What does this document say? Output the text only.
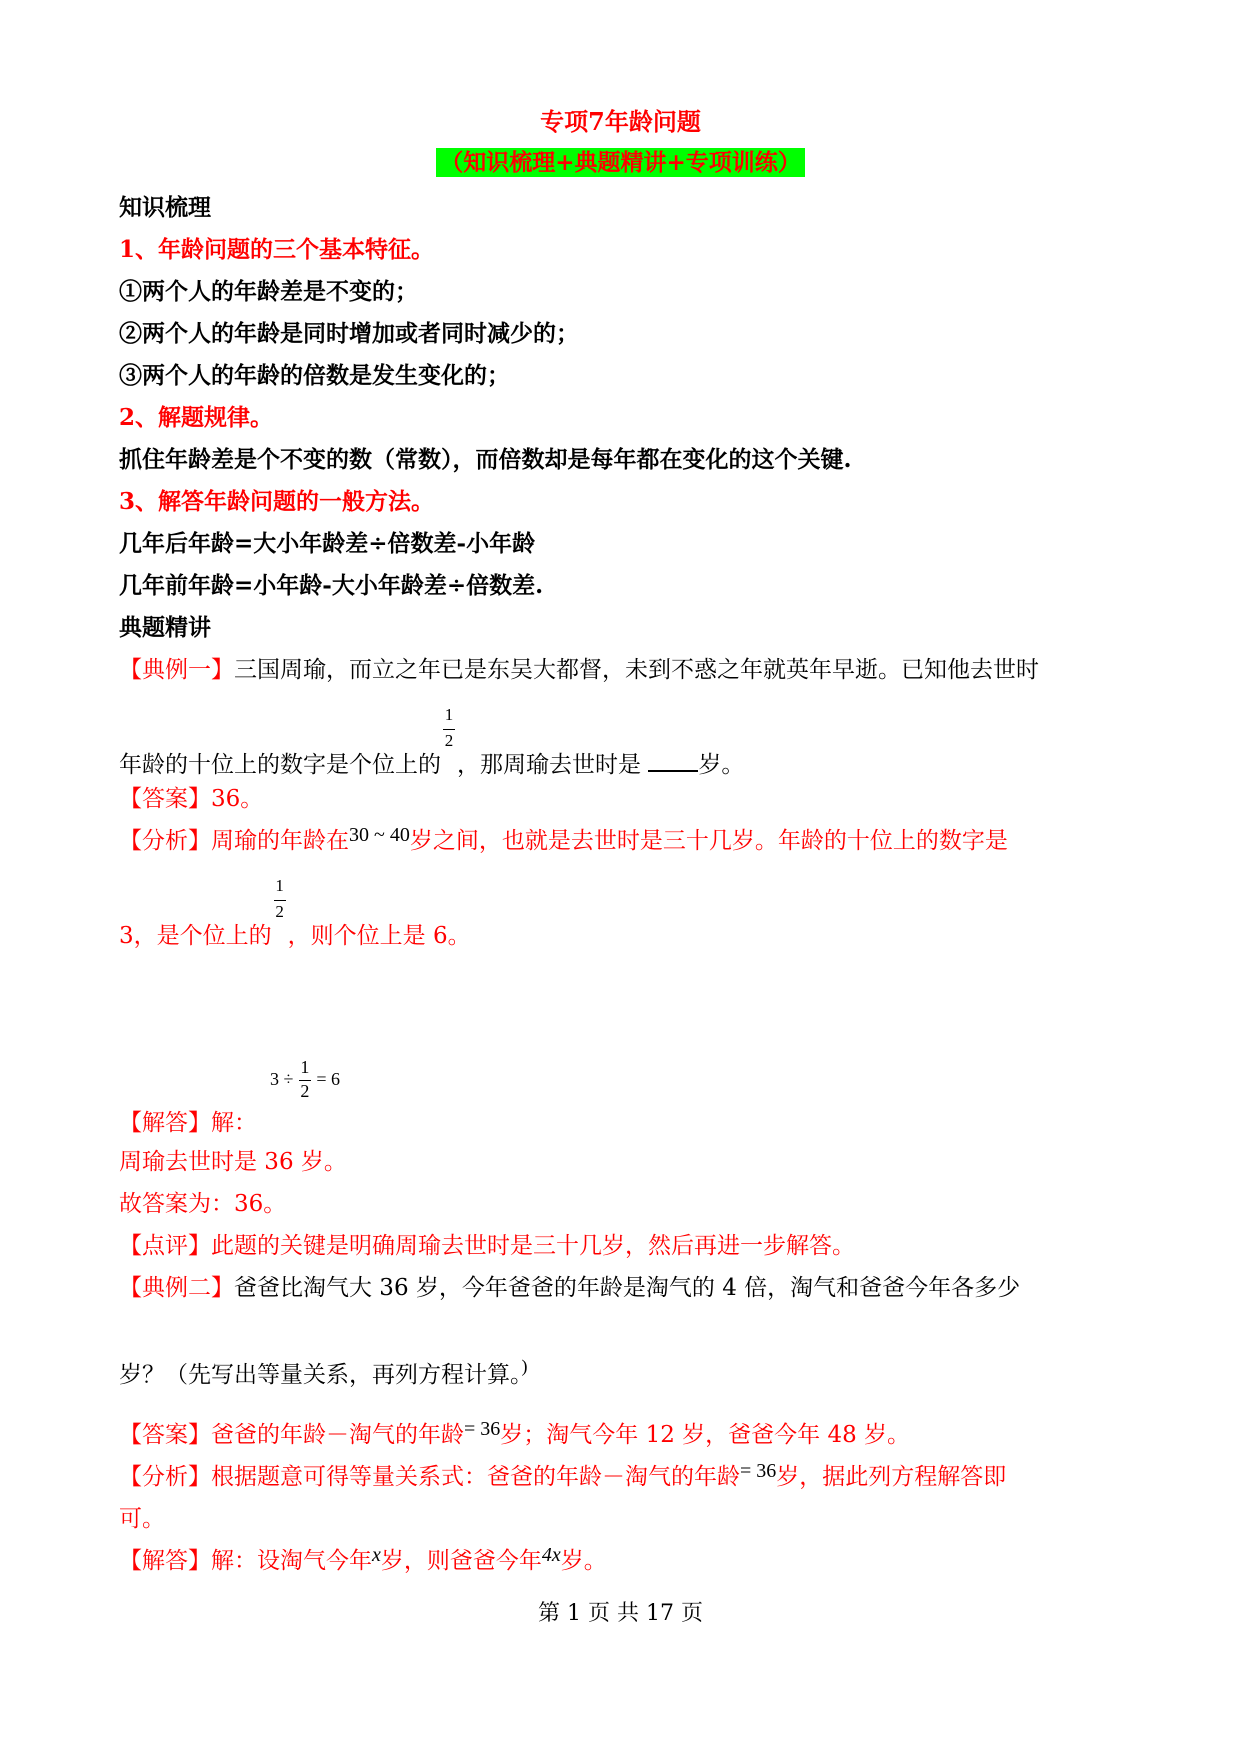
专项7年龄问题
（知识梳理+典题精讲+专项训练）
知识梳理
1、年龄问题的三个基本特征。
①两个人的年龄差是不变的；
②两个人的年龄是同时增加或者同时减少的；
③两个人的年龄的倍数是发生变化的；
2、解题规律。
抓住年龄差是个不变的数（常数），而倍数却是每年都在变化的这个关键.
3、解答年龄问题的一般方法。
几年后年龄=大小年龄差÷倍数差-小年龄
几年前年龄=小年龄-大小年龄差÷倍数差.
典题精讲
【典例一】三国周瑜，而立之年已是东吴大都督，未到不惑之年就英年早逝。已知他去世时
年龄的十位上的数字是个位上的 $\frac{1}{2}$ ，那周瑜去世时是 岁。
【答案】36。
【分析】周瑜的年龄在30 ~ 40岁之间，也就是去世时是三十几岁。年龄的十位上的数字是
3，是个位上的 $\frac{1}{2}$ ，则个位上是 6。
$3 \div \frac{1}{2} = 6$
【解答】解：
周瑜去世时是 36 岁。
故答案为：36。
【点评】此题的关键是明确周瑜去世时是三十几岁，然后再进一步解答。
【典例二】爸爸比淘气大 36 岁，今年爸爸的年龄是淘气的 4 倍，淘气和爸爸今年各多少
岁？（先写出等量关系，再列方程计算。)
【答案】爸爸的年龄－淘气的年龄= 36岁；淘气今年 12 岁，爸爸今年 48 岁。
【分析】根据题意可得等量关系式：爸爸的年龄－淘气的年龄= 36岁，据此列方程解答即
可。
【解答】解：设淘气今年x岁，则爸爸今年4x岁。
第 1 页 共 17 页
